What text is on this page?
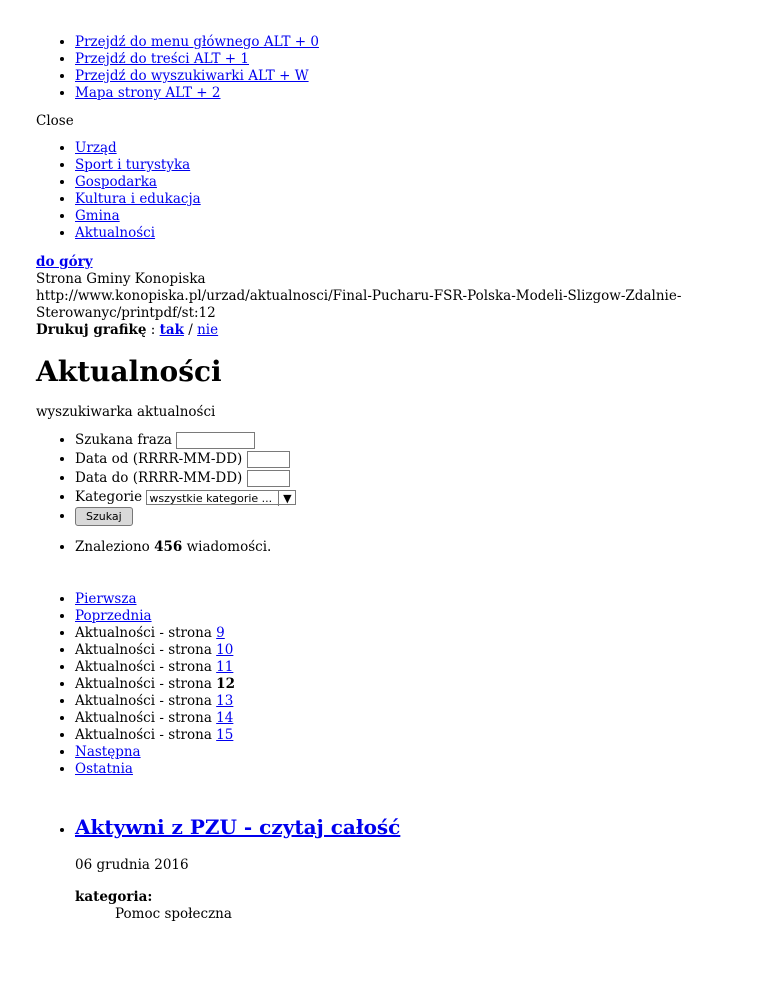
• Przejdź do menu głównego ALT + 0
• Przejdź do treści ALT + 1
• Przejdź do wyszukiwarki ALT + W
• Mapa strony ALT + 2
Close
• Urząd
• Sport i turystyka
• Gospodarka
• Kultura i edukacja
• Gmina
• Aktualności
do góry
Strona Gminy Konopiska
http://www.konopiska.pl/urzad/aktualnosci/Final-Pucharu-FSR-Polska-Modeli-Slizgow-Zdalnie-Sterowanyc/printpdf/st:12
Drukuj grafikę : tak / nie
Aktualności
wyszukiwarka aktualności
• Szukana fraza
• Data od (RRRR-MM-DD)
• Data do (RRRR-MM-DD)
• Kategorie wszystkie kategorie ... ▼
• Szukaj
• Znaleziono 456 wiadomości.
• Pierwsza
• Poprzednia
• Aktualności - strona 9
• Aktualności - strona 10
• Aktualności - strona 11
• Aktualności - strona 12
• Aktualności - strona 13
• Aktualności - strona 14
• Aktualności - strona 15
• Następna
• Ostatnia
• Aktywni z PZU - czytaj całość
06 grudnia 2016
kategoria:
Pomoc społeczna
